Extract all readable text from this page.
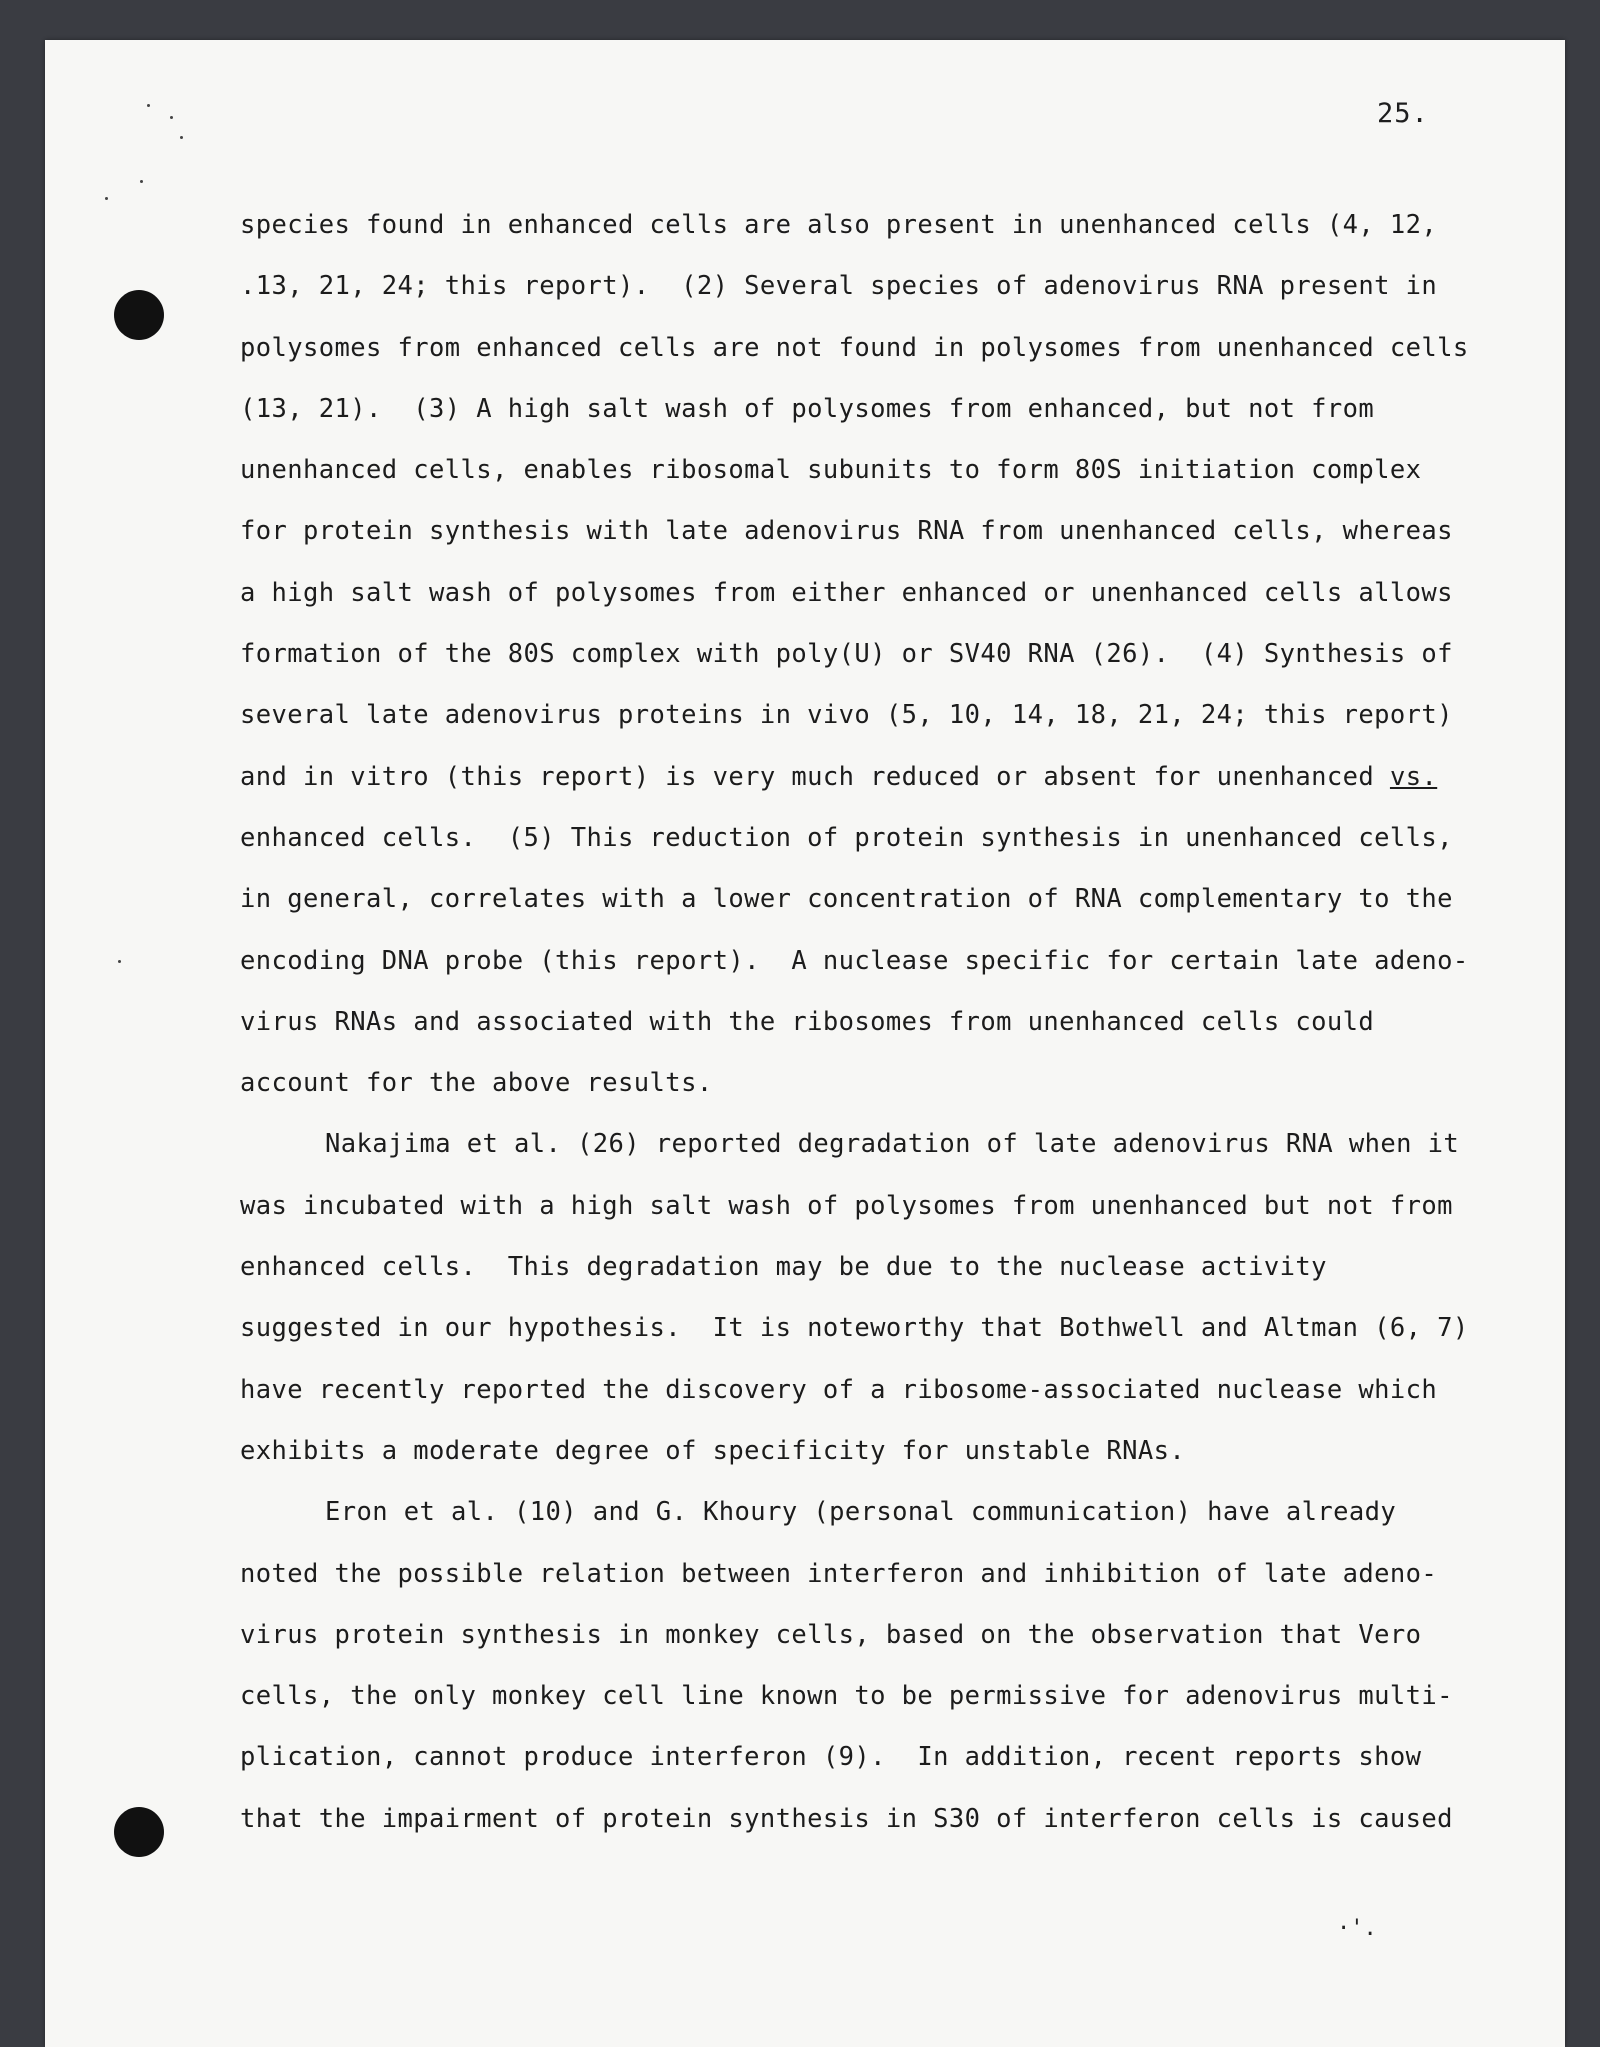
25.
species found in enhanced cells are also present in unenhanced cells (4, 12,
.13, 21, 24; this report).  (2) Several species of adenovirus RNA present in
polysomes from enhanced cells are not found in polysomes from unenhanced cells
(13, 21).  (3) A high salt wash of polysomes from enhanced, but not from
unenhanced cells, enables ribosomal subunits to form 80S initiation complex
for protein synthesis with late adenovirus RNA from unenhanced cells, whereas
a high salt wash of polysomes from either enhanced or unenhanced cells allows
formation of the 80S complex with poly(U) or SV40 RNA (26).  (4) Synthesis of
several late adenovirus proteins in vivo (5, 10, 14, 18, 21, 24; this report)
and in vitro (this report) is very much reduced or absent for unenhanced vs.
enhanced cells.  (5) This reduction of protein synthesis in unenhanced cells,
in general, correlates with a lower concentration of RNA complementary to the
encoding DNA probe (this report).  A nuclease specific for certain late adeno-
virus RNAs and associated with the ribosomes from unenhanced cells could
account for the above results.
Nakajima et al. (26) reported degradation of late adenovirus RNA when it
was incubated with a high salt wash of polysomes from unenhanced but not from
enhanced cells.  This degradation may be due to the nuclease activity
suggested in our hypothesis.  It is noteworthy that Bothwell and Altman (6, 7)
have recently reported the discovery of a ribosome-associated nuclease which
exhibits a moderate degree of specificity for unstable RNAs.
Eron et al. (10) and G. Khoury (personal communication) have already
noted the possible relation between interferon and inhibition of late adeno-
virus protein synthesis in monkey cells, based on the observation that Vero
cells, the only monkey cell line known to be permissive for adenovirus multi-
plication, cannot produce interferon (9).  In addition, recent reports show
that the impairment of protein synthesis in S30 of interferon cells is caused
·'.
